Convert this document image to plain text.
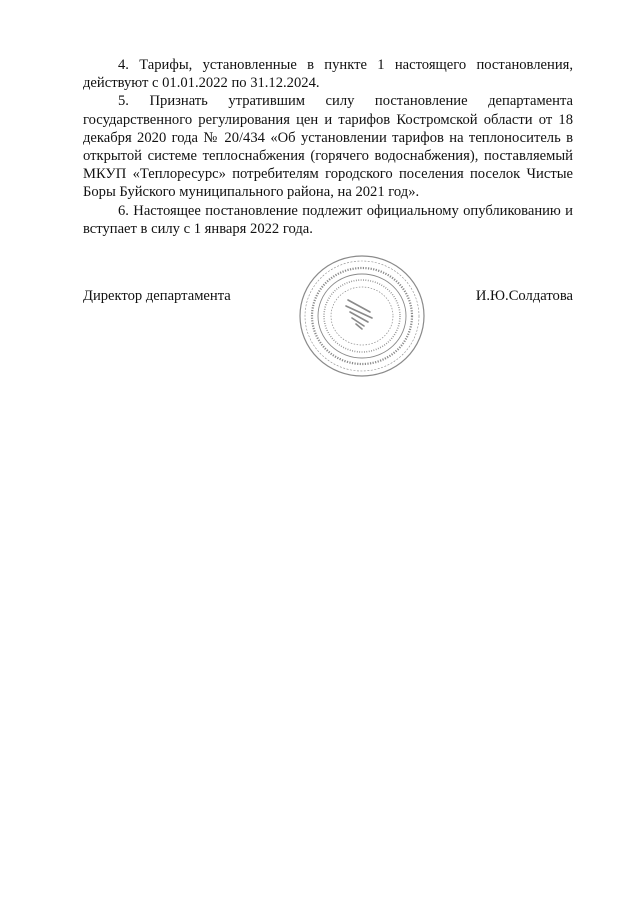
4. Тарифы, установленные в пункте 1 настоящего постановления, действуют с 01.01.2022 по 31.12.2024.

5. Признать утратившим силу постановление департамента государственного регулирования цен и тарифов Костромской области от 18 декабря 2020 года № 20/434 «Об установлении тарифов на теплоноситель в открытой системе теплоснабжения (горячего водоснабжения), поставляемый МКУП «Теплоресурс» потребителям городского поселения поселок Чистые Боры Буйского муниципального района, на 2021 год».

6. Настоящее постановление подлежит официальному опубликованию и вступает в силу с 1 января 2022 года.

Директор департамента	И.Ю.Солдатова
